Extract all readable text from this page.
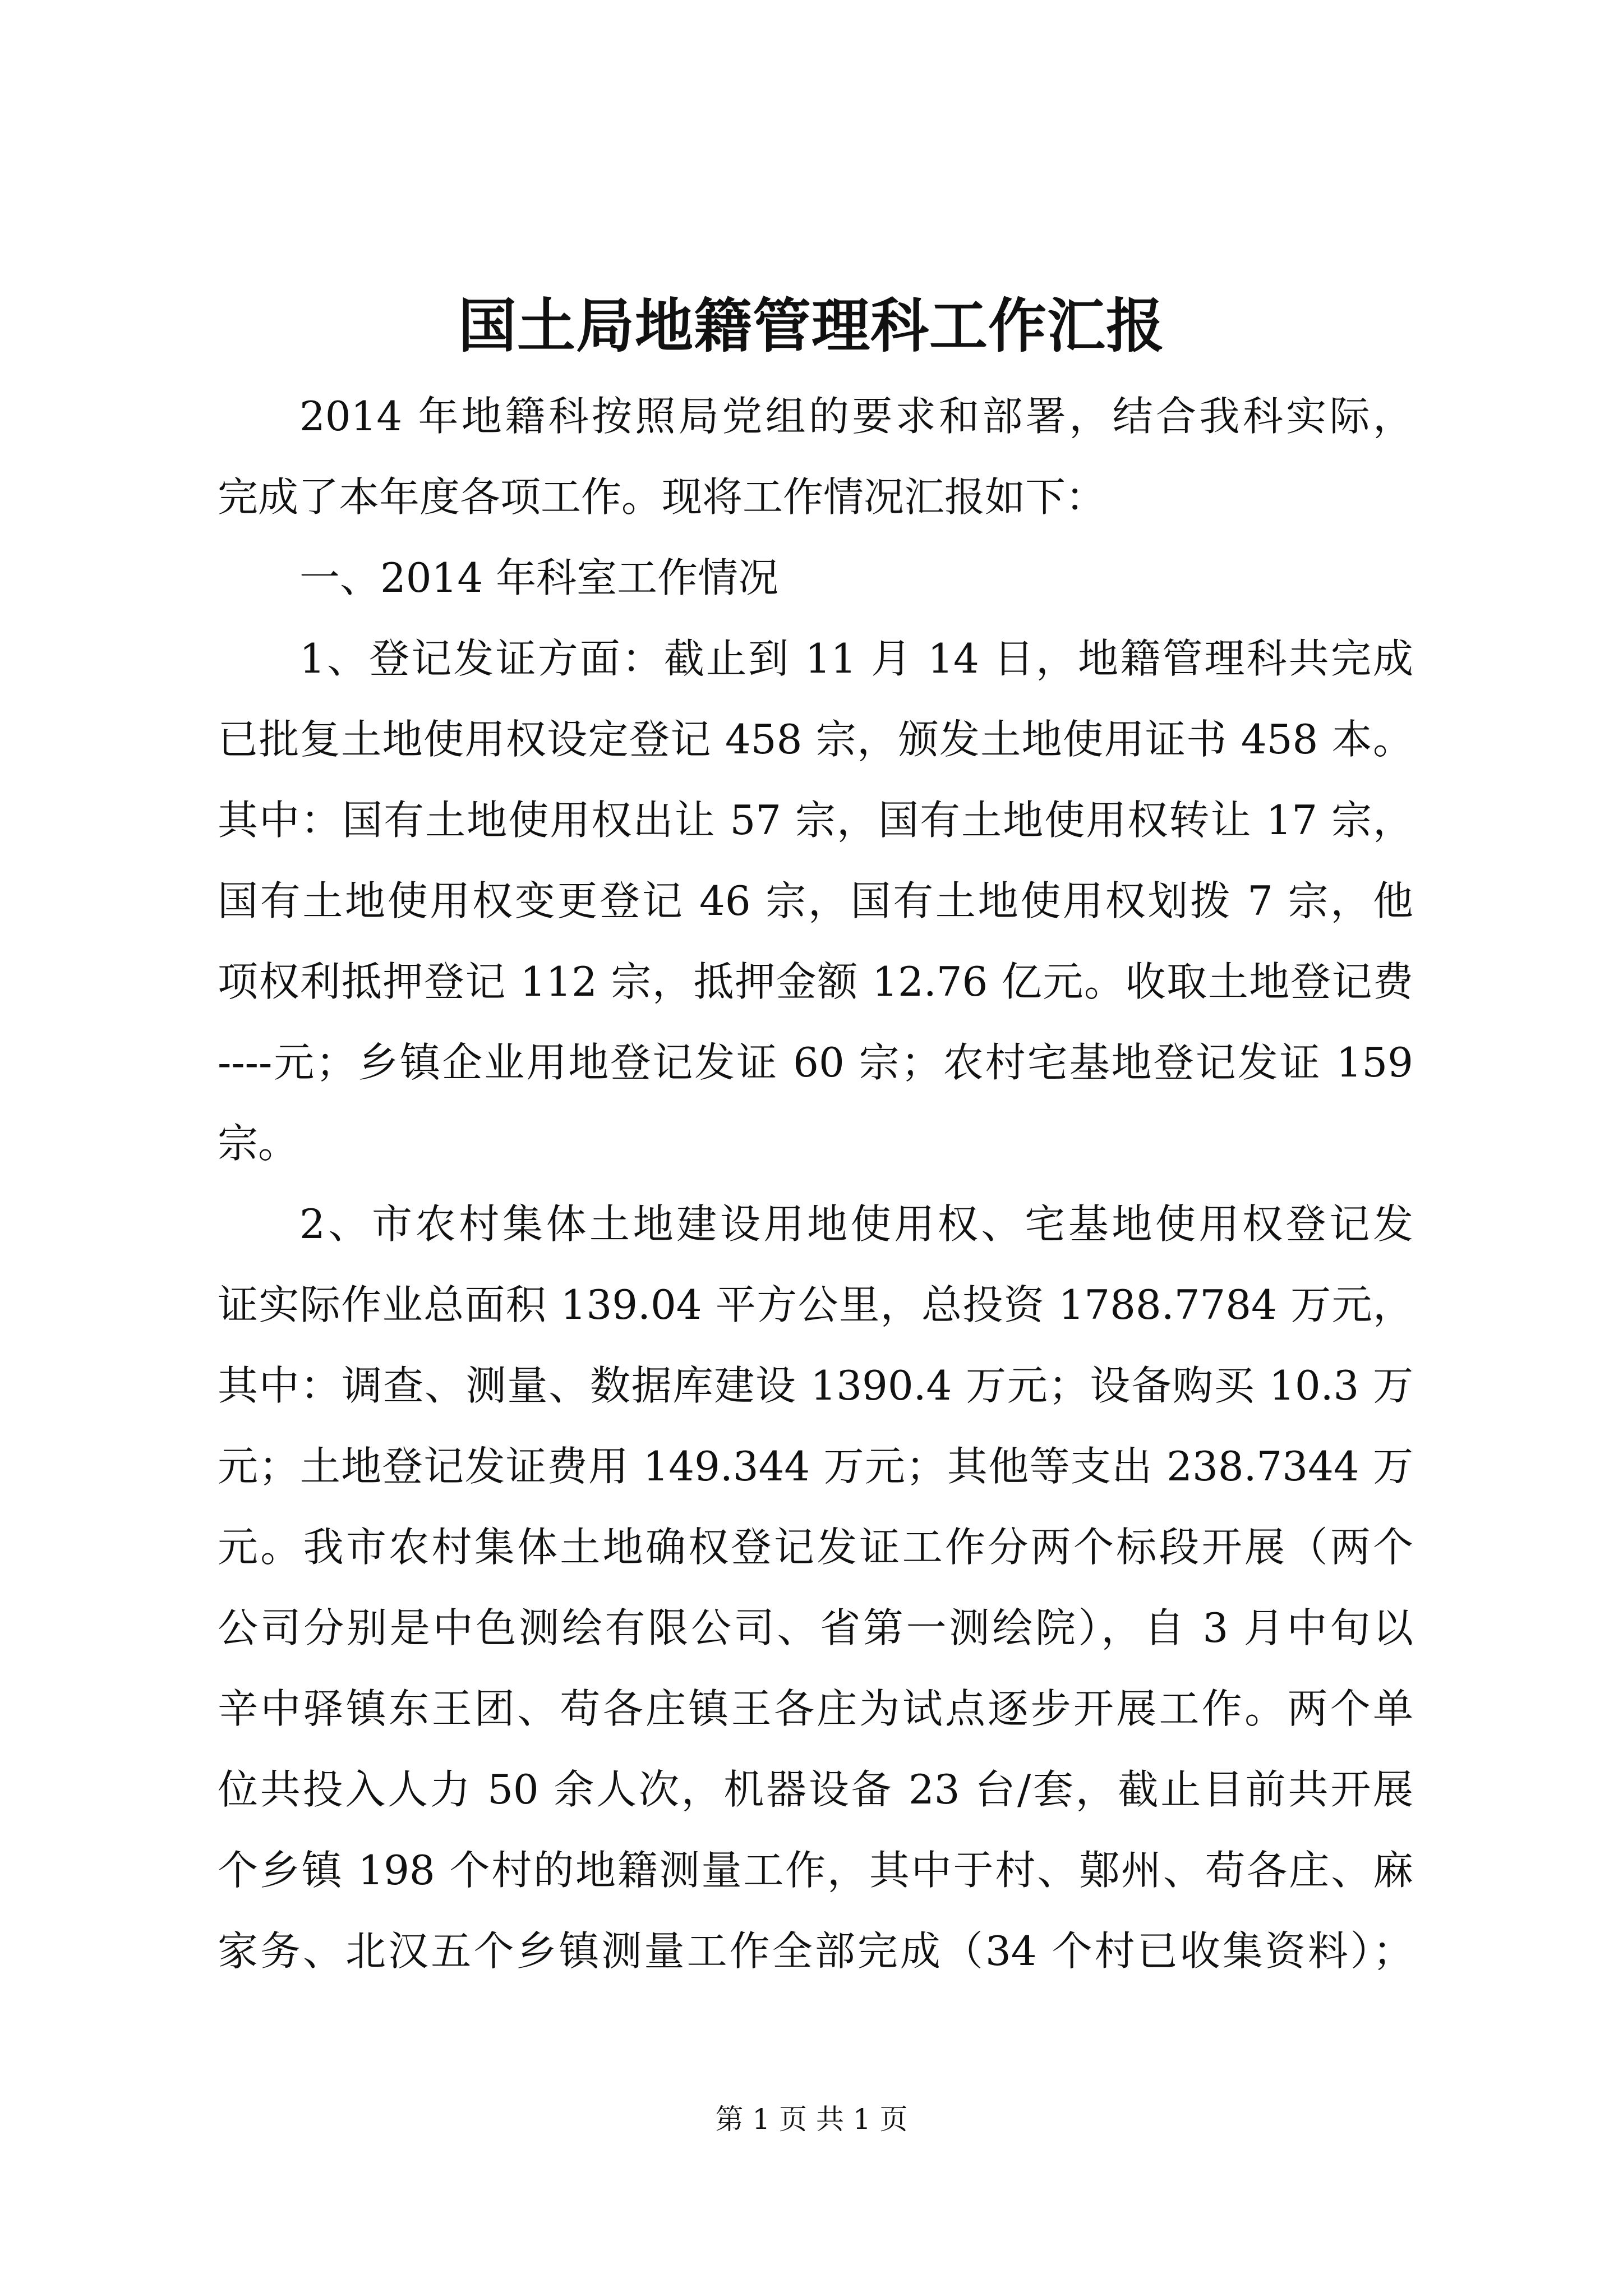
国土局地籍管理科工作汇报
2014 年地籍科按照局党组的要求和部署，结合我科实际，
完成了本年度各项工作。现将工作情况汇报如下：
一、2014 年科室工作情况
1、登记发证方面：截止到 11 月 14 日，地籍管理科共完成
已批复土地使用权设定登记 458 宗，颁发土地使用证书 458 本。
其中：国有土地使用权出让 57 宗，国有土地使用权转让 17 宗，
国有土地使用权变更登记 46 宗，国有土地使用权划拨 7 宗，他
项权利抵押登记 112 宗，抵押金额 12.76 亿元。收取土地登记费
----元；乡镇企业用地登记发证 60 宗；农村宅基地登记发证 159
宗。
2、市农村集体土地建设用地使用权、宅基地使用权登记发
证实际作业总面积 139.04 平方公里，总投资 1788.7784 万元，
其中：调查、测量、数据库建设 1390.4 万元；设备购买 10.3 万
元；土地登记发证费用 149.344 万元；其他等支出 238.7344 万
元。我市农村集体土地确权登记发证工作分两个标段开展（两个
公司分别是中色测绘有限公司、省第一测绘院），自 3 月中旬以
辛中驿镇东王团、苟各庄镇王各庄为试点逐步开展工作。两个单
位共投入人力 50 余人次，机器设备 23 台/套，截止目前共开展
个乡镇 198 个村的地籍测量工作，其中于村、鄚州、苟各庄、麻
家务、北汉五个乡镇测量工作全部完成（34 个村已收集资料）；
第 1 页 共 1 页
